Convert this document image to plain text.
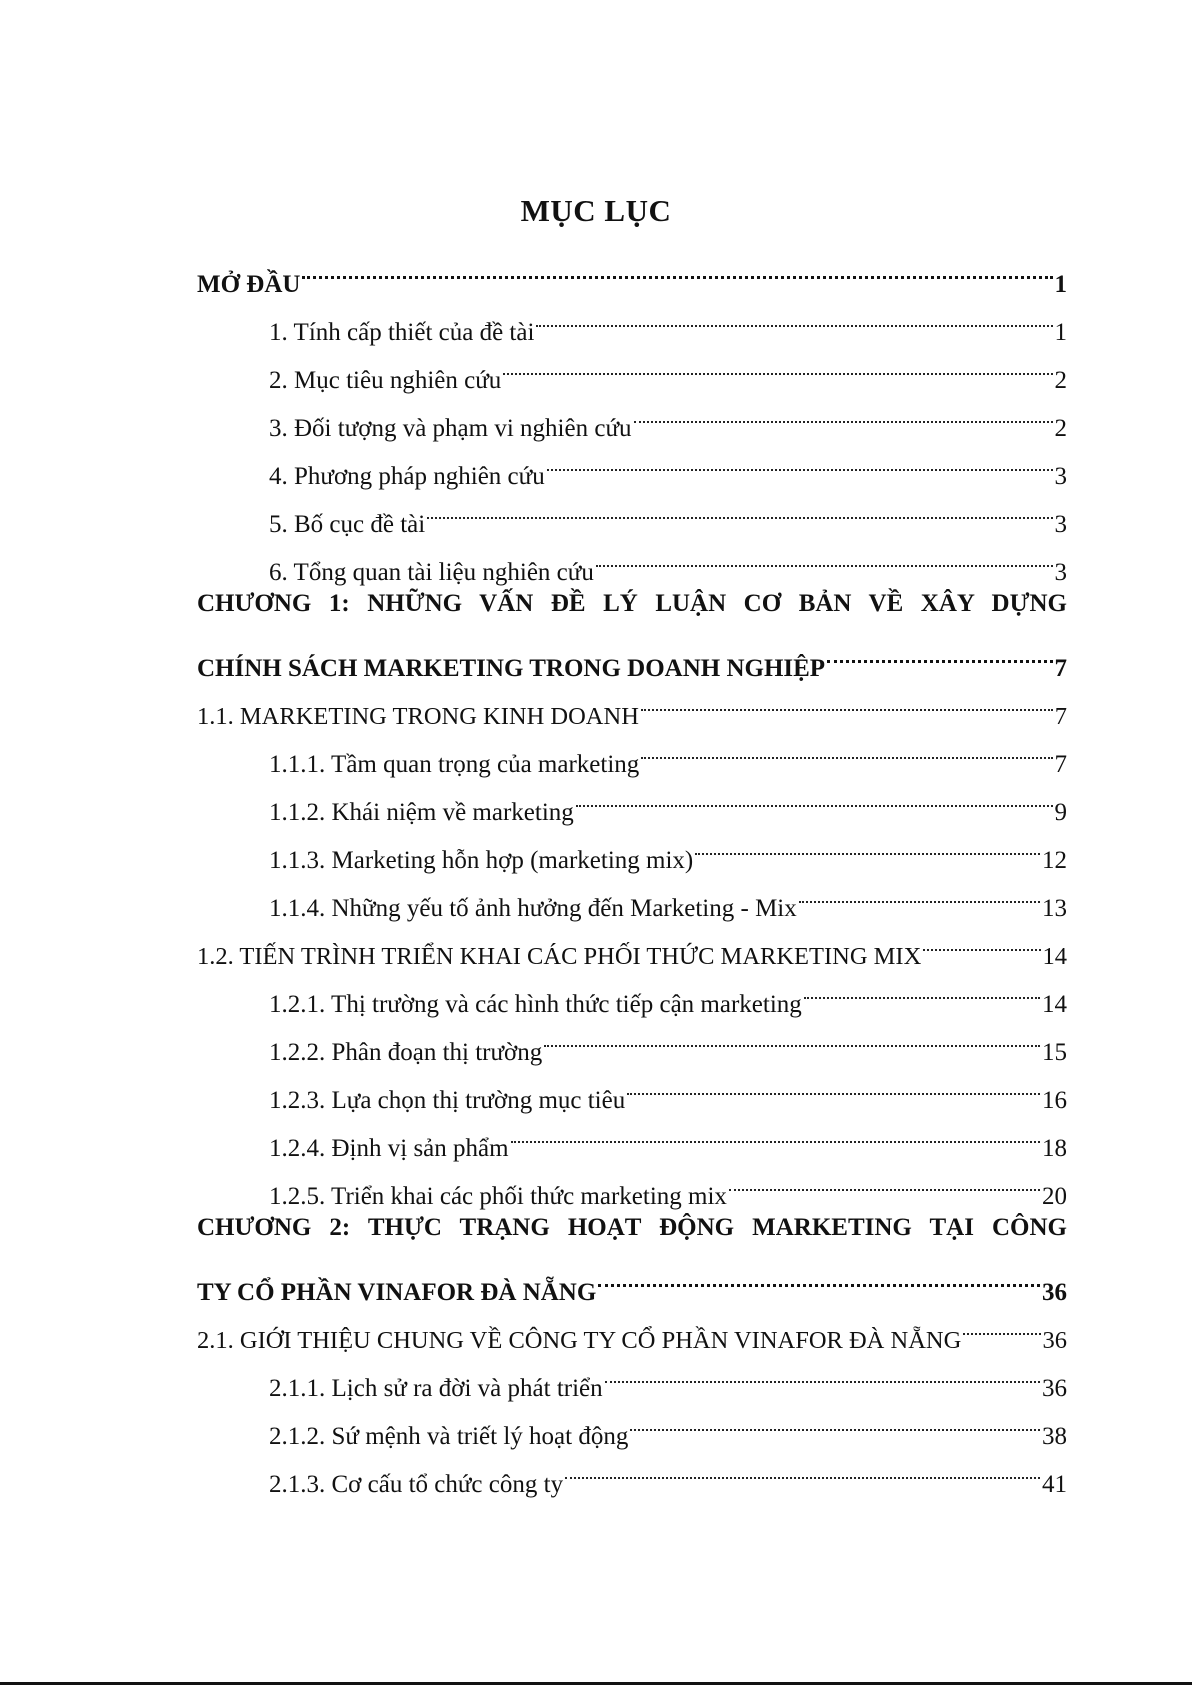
MỤC LỤC
MỞ ĐẦU	1
1. Tính cấp thiết của đề tài	1
2. Mục tiêu nghiên cứu	2
3. Đối tượng và phạm vi nghiên cứu	2
4. Phương pháp nghiên cứu	3
5. Bố cục đề tài	3
6. Tổng quan tài liệu nghiên cứu	3
CHƯƠNG 1: NHỮNG VẤN ĐỀ LÝ LUẬN CƠ BẢN VỀ XÂY DỰNG
CHÍNH SÁCH MARKETING TRONG DOANH NGHIỆP	7
1.1. MARKETING TRONG KINH DOANH	7
1.1.1. Tầm quan trọng của marketing	7
1.1.2. Khái niệm về marketing	9
1.1.3. Marketing hỗn hợp (marketing mix)	12
1.1.4. Những yếu tố ảnh hưởng đến Marketing - Mix	13
1.2. TIẾN TRÌNH TRIỂN KHAI CÁC PHỐI THỨC MARKETING MIX	14
1.2.1. Thị trường và các hình thức tiếp cận marketing	14
1.2.2. Phân đoạn thị trường	15
1.2.3. Lựa chọn thị trường mục tiêu	16
1.2.4. Định vị sản phẩm	18
1.2.5. Triển khai các phối thức marketing mix	20
CHƯƠNG 2: THỰC TRẠNG HOẠT ĐỘNG MARKETING TẠI CÔNG
TY CỔ PHẦN VINAFOR ĐÀ NẴNG	36
2.1. GIỚI THIỆU CHUNG VỀ CÔNG TY CỔ PHẦN VINAFOR ĐÀ NẴNG	36
2.1.1. Lịch sử ra đời và phát triển	36
2.1.2. Sứ mệnh và triết lý hoạt động	38
2.1.3. Cơ cấu tổ chức công ty	41
